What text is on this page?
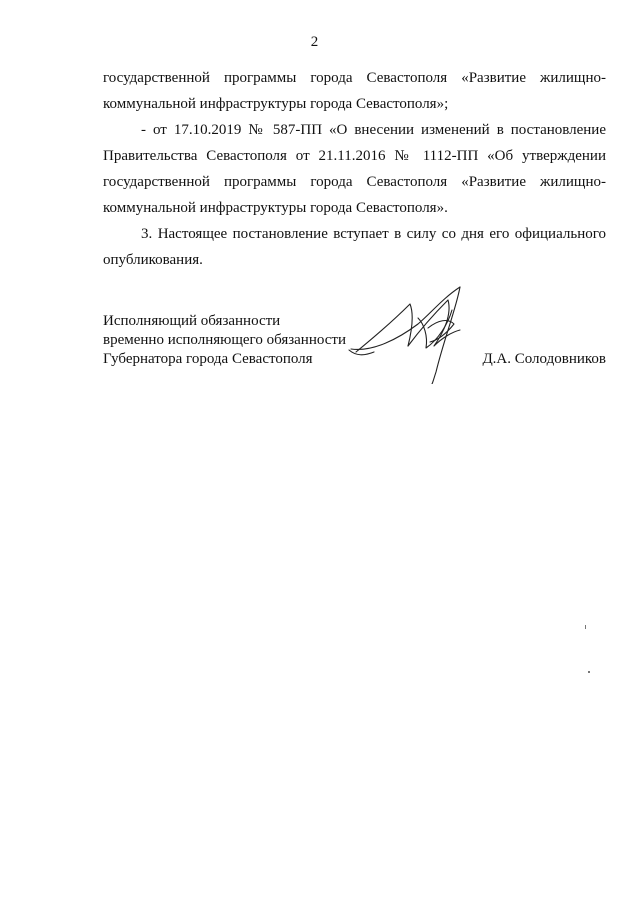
2

государственной программы города Севастополя «Развитие жилищно-коммунальной инфраструктуры города Севастополя»;

- от 17.10.2019 № 587-ПП «О внесении изменений в постановление Правительства Севастополя от 21.11.2016 № 1112-ПП «Об утверждении государственной программы города Севастополя «Развитие жилищно-коммунальной инфраструктуры города Севастополя».

3. Настоящее постановление вступает в силу со дня его официального опубликования.

Исполняющий обязанности
временно исполняющего обязанности
Губернатора города Севастополя	Д.А. Солодовников
